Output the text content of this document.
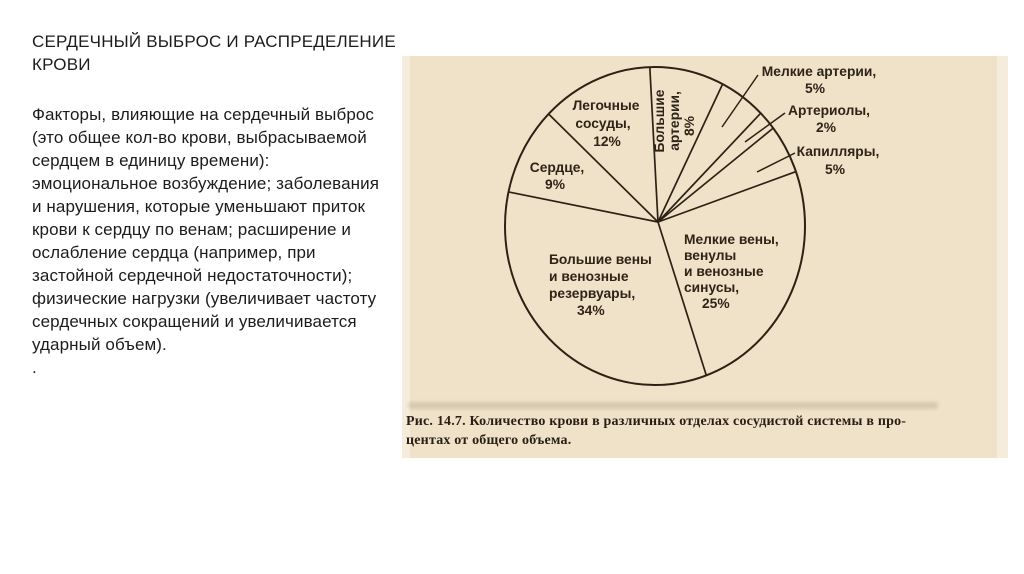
СЕРДЕЧНЫЙ ВЫБРОС И РАСПРЕДЕЛЕНИЕ
КРОВИ
Факторы, влияющие на сердечный выброс
(это общее кол-во крови, выбрасываемой
сердцем в единицу времени):
эмоциональное возбуждение; заболевания
и нарушения, которые уменьшают приток
крови к сердцу по венам; расширение и
ослабление сердца (например, при
застойной сердечной недостаточности);
физические нагрузки (увеличивает частоту
сердечных сокращений и увеличивается
ударный объем).
.
Легочные
сосуды,
12% Большие артерии, 8%
Мелкие артерии,
5%
Артериолы,
2%
Капилляры,
5%
Сердце,
9%
Мелкие вены,
венулы
и венозные
синусы,
25%
Большие вены
и венозные
резервуары,
34%
Рис. 14.7. Количество крови в различных отделах сосудистой системы в про-
центах от общего объема.
